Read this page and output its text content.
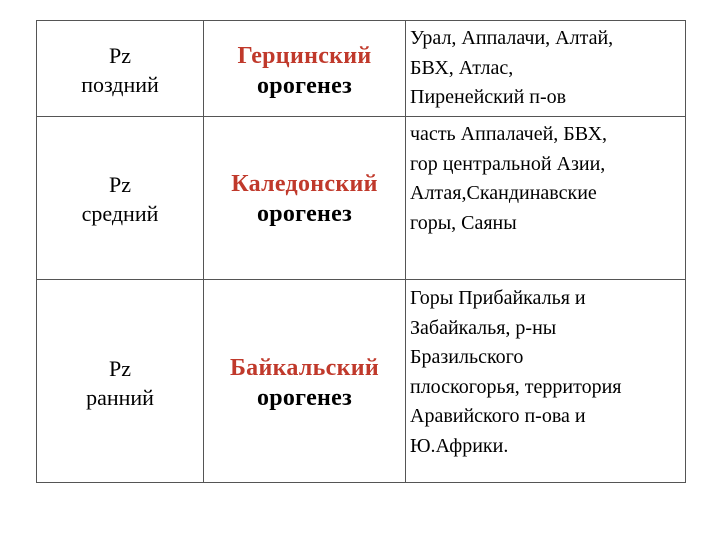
Pz
поздний
Герцинский
орогенез
Урал, Аппалачи, Алтай,
БВХ, Атлас,
Пиренейский п-ов
Pz
средний
Каледонский
орогенез
часть Аппалачей, БВХ,
гор центральной Азии,
Алтая,Скандинавские
горы, Саяны
Pz
ранний
Байкальский
орогенез
Горы Прибайкалья и
Забайкалья, р-ны
Бразильского
плоскогорья, территория
Аравийского п-ова и
Ю.Африки.
